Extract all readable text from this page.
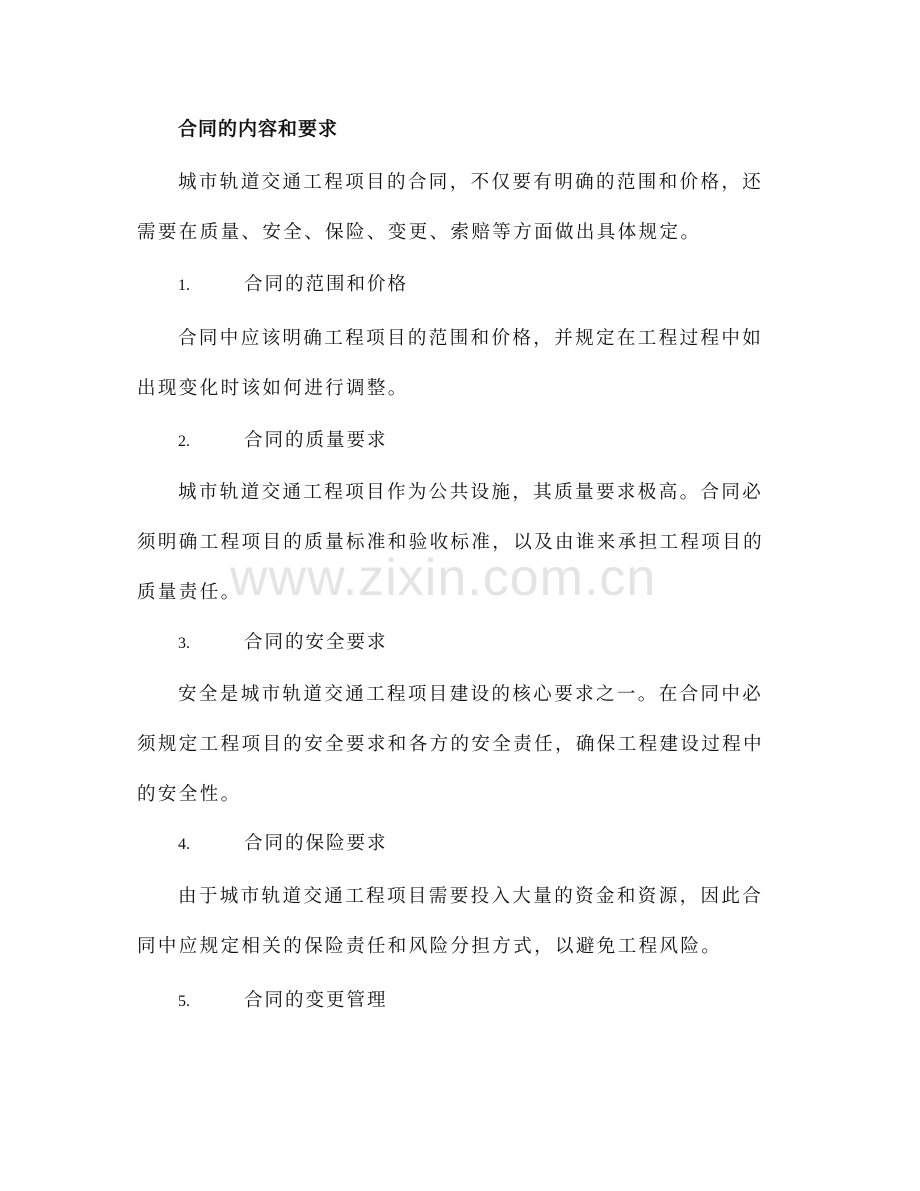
合同的内容和要求

城市轨道交通工程项目的合同，不仅要有明确的范围和价格，还需要在质量、安全、保险、变更、索赔等方面做出具体规定。

1.	合同的范围和价格

合同中应该明确工程项目的范围和价格，并规定在工程过程中如出现变化时该如何进行调整。

2.	合同的质量要求

城市轨道交通工程项目作为公共设施，其质量要求极高。合同必须明确工程项目的质量标准和验收标准，以及由谁来承担工程项目的质量责任。

3.	合同的安全要求

安全是城市轨道交通工程项目建设的核心要求之一。在合同中必须规定工程项目的安全要求和各方的安全责任，确保工程建设过程中的安全性。

4.	合同的保险要求

由于城市轨道交通工程项目需要投入大量的资金和资源，因此合同中应规定相关的保险责任和风险分担方式，以避免工程风险。

5.	合同的变更管理
www.zixin.com.cn
